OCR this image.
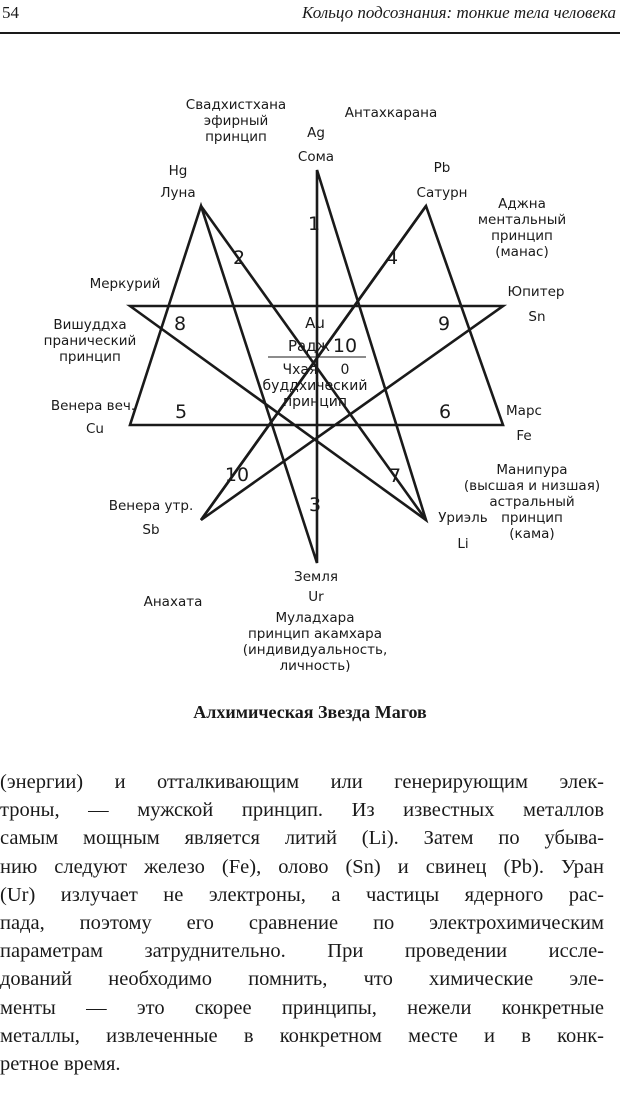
54	Кольцо подсознания: тонкие тела человека
1
2
3
4
5	6
7
8	9
10
Au
Радж 10
Чхая 0
буддхический
принцип
Свадхистхана
эфирный
принцип
Антахкарана
Ag
Сома
Hg
Луна
Pb
Сатурн
Аджна
ментальный
принцип
(манас)
Меркурий	Юпитер
Sn
Вишуддха
пранический
принцип
Венера веч.
Cu
Марс
Fe
Манипура
(высшая и низшая)
астральный
принцип
(кама)
Венера утр.
Sb
Уриэль
Li
Земля
Ur
Анахата
Муладхара
принцип акамхара
(индивидуальность,
личность)
Алхимическая Звезда Магов
(энергии) и отталкивающим или генерирующим элек-
троны, — мужской принцип. Из известных металлов
самым мощным является литий (Li). Затем по убыва-
нию следуют железо (Fe), олово (Sn) и свинец (Pb). Уран
(Ur) излучает не электроны, а частицы ядерного рас-
пада, поэтому его сравнение по электрохимическим
параметрам затруднительно. При проведении иссле-
дований необходимо помнить, что химические эле-
менты — это скорее принципы, нежели конкретные
металлы, извлеченные в конкретном месте и в конк-
ретное время.
